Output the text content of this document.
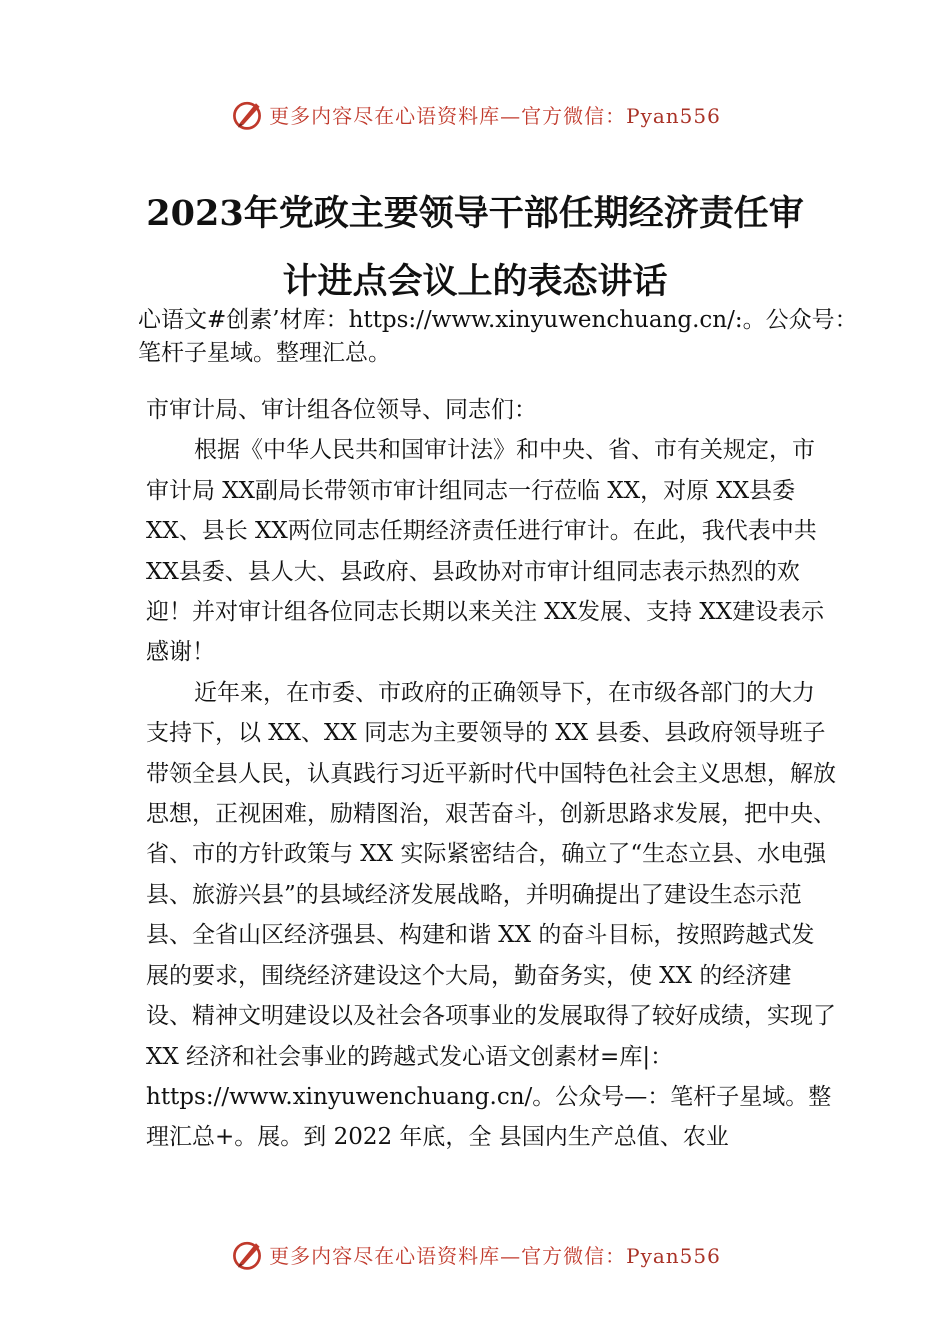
更多内容尽在心语资料库—官方微信：Pyan556
2023年党政主要领导干部任期经济责任审
计进点会议上的表态讲话
心语文#创素’材库：https://www.xinyuwenchuang.cn/:。公众号：笔杆子星域。整理汇总。

市审计局、审计组各位领导、同志们：

根据《中华人民共和国审计法》和中央、省、市有关规定，市审计局 XX副局长带领市审计组同志一行莅临 XX，对原 XX县委 XX、县长 XX两位同志任期经济责任进行审计。在此，我代表中共 XX县委、县人大、县政府、县政协对市审计组同志表示热烈的欢迎！并对审计组各位同志长期以来关注 XX发展、支持 XX建设表示感谢！

近年来，在市委、市政府的正确领导下，在市级各部门的大力支持下，以 XX、XX 同志为主要领导的 XX 县委、县政府领导班子带领全县人民，认真践行习近平新时代中国特色社会主义思想，解放思想，正视困难，励精图治，艰苦奋斗，创新思路求发展，把中央、省、市的方针政策与 XX 实际紧密结合，确立了“生态立县、水电强县、旅游兴县”的县域经济发展战略，并明确提出了建设生态示范县、全省山区经济强县、构建和谐 XX 的奋斗目标，按照跨越式发展的要求，围绕经济建设这个大局，勤奋务实，使 XX 的经济建设、精神文明建设以及社会各项事业的发展取得了较好成绩，实现了 XX 经济和社会事业的跨越式发心语文创素材=库|：https://www.xinyuwenchuang.cn/。公众号—：笔杆子星域。整理汇总+。展。到 2022 年底，全 县国内生产总值、农业

更多内容尽在心语资料库—官方微信：Pyan556
